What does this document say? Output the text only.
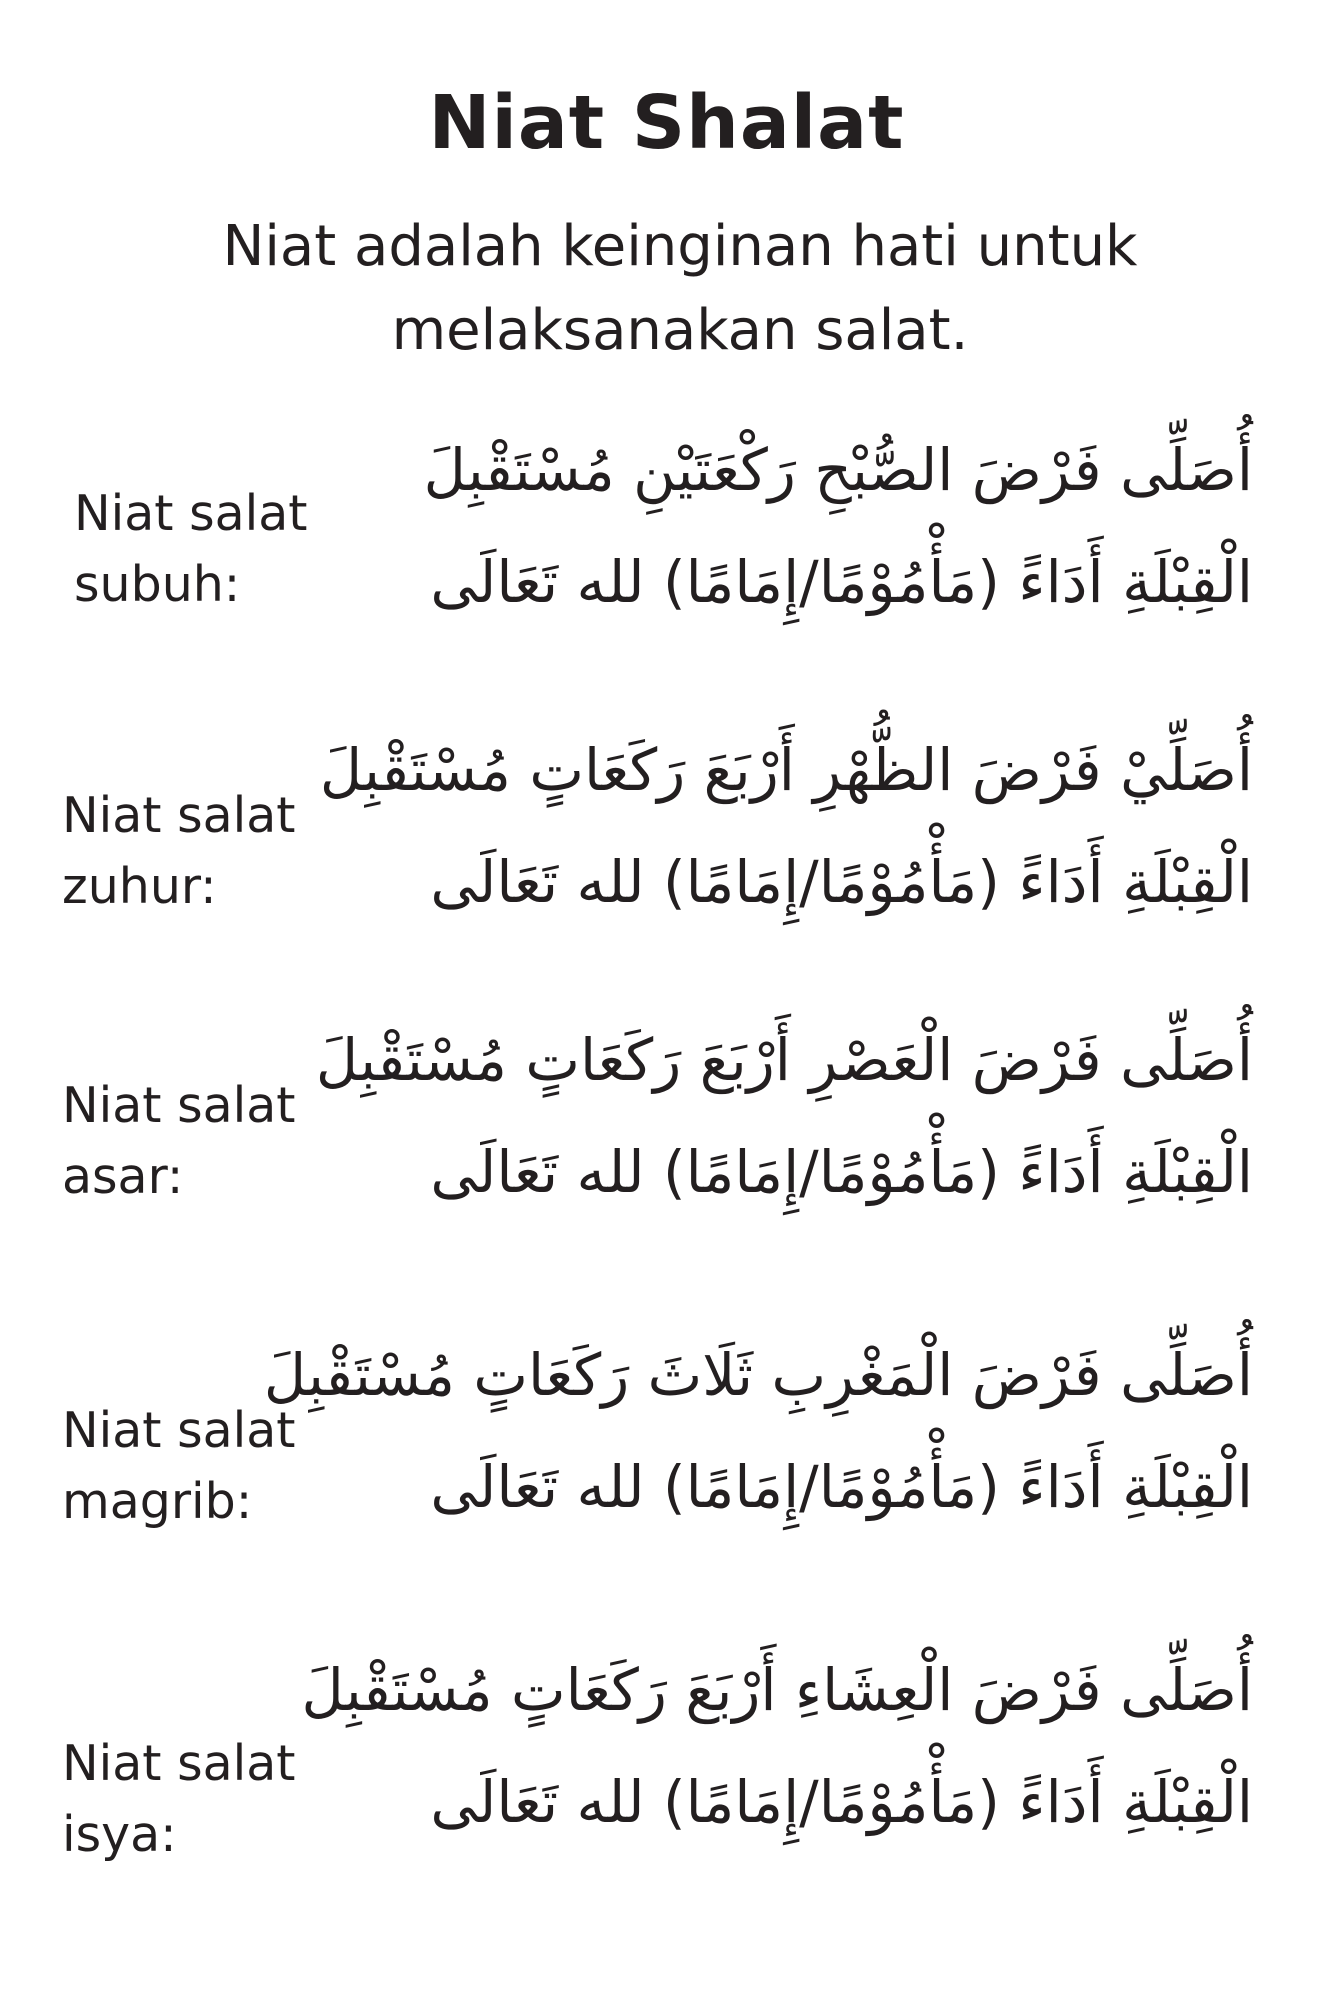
Niat Shalat
Niat adalah keinginan hati untuk melaksanakan salat.
Niat salat subuh:
أُصَلِّى فَرْضَ الصُّبْحِ رَكْعَتَيْنِ مُسْتَقْبِلَ
الْقِبْلَةِ أَدَاءً (مَأْمُوْمًا/إِمَامًا) لله تَعَالَى
Niat salat zuhur:
أُصَلِّيْ فَرْضَ الظُّهْرِ أَرْبَعَ رَكَعَاتٍ مُسْتَقْبِلَ
الْقِبْلَةِ أَدَاءً (مَأْمُوْمًا/إِمَامًا) لله تَعَالَى
Niat salat asar:
أُصَلِّى فَرْضَ الْعَصْرِ أَرْبَعَ رَكَعَاتٍ مُسْتَقْبِلَ
الْقِبْلَةِ أَدَاءً (مَأْمُوْمًا/إِمَامًا) لله تَعَالَى
Niat salat magrib:
أُصَلِّى فَرْضَ الْمَغْرِبِ ثَلَاثَ رَكَعَاتٍ مُسْتَقْبِلَ
الْقِبْلَةِ أَدَاءً (مَأْمُوْمًا/إِمَامًا) لله تَعَالَى
Niat salat isya:
أُصَلِّى فَرْضَ الْعِشَاءِ أَرْبَعَ رَكَعَاتٍ مُسْتَقْبِلَ
الْقِبْلَةِ أَدَاءً (مَأْمُوْمًا/إِمَامًا) لله تَعَالَى
